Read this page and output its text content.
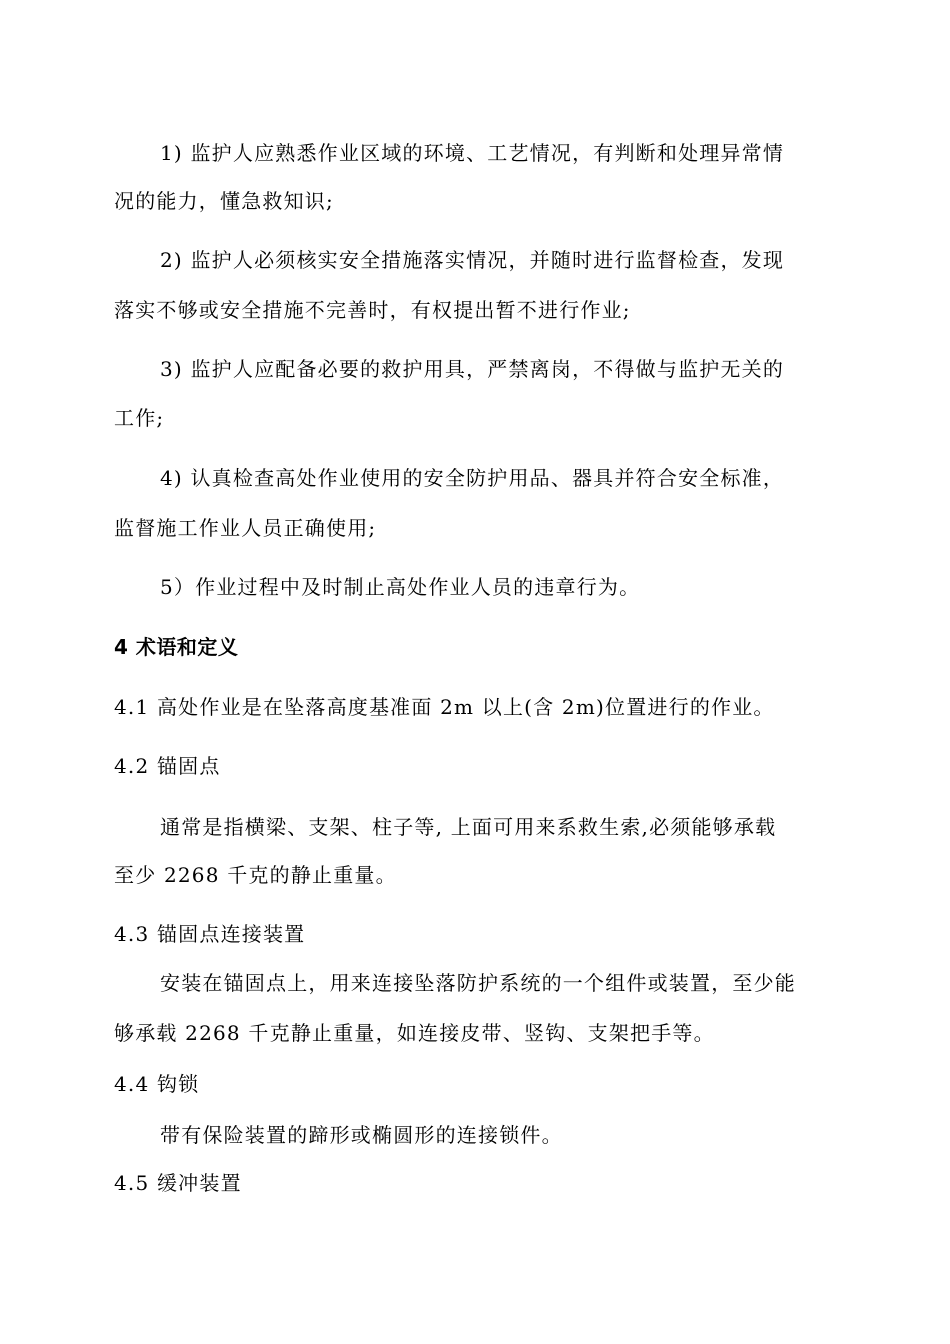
1) 监护人应熟悉作业区域的环境、工艺情况，有判断和处理异常情
况的能力，懂急救知识;
2) 监护人必须核实安全措施落实情况，并随时进行监督检查，发现
落实不够或安全措施不完善时，有权提出暂不进行作业;
3) 监护人应配备必要的救护用具，严禁离岗，不得做与监护无关的
工作;
4) 认真检查高处作业使用的安全防护用品、器具并符合安全标准，
监督施工作业人员正确使用;
5）作业过程中及时制止高处作业人员的违章行为。
4 术语和定义
4.1 高处作业是在坠落高度基准面 2m 以上(含 2m)位置进行的作业。
4.2 锚固点
通常是指横梁、支架、柱子等, 上面可用来系救生索,必须能够承载
至少 2268 千克的静止重量。
4.3 锚固点连接装置
安装在锚固点上，用来连接坠落防护系统的一个组件或装置，至少能
够承载 2268 千克静止重量，如连接皮带、竖钩、支架把手等。
4.4 钩锁
带有保险装置的蹄形或椭圆形的连接锁件。
4.5 缓冲装置
